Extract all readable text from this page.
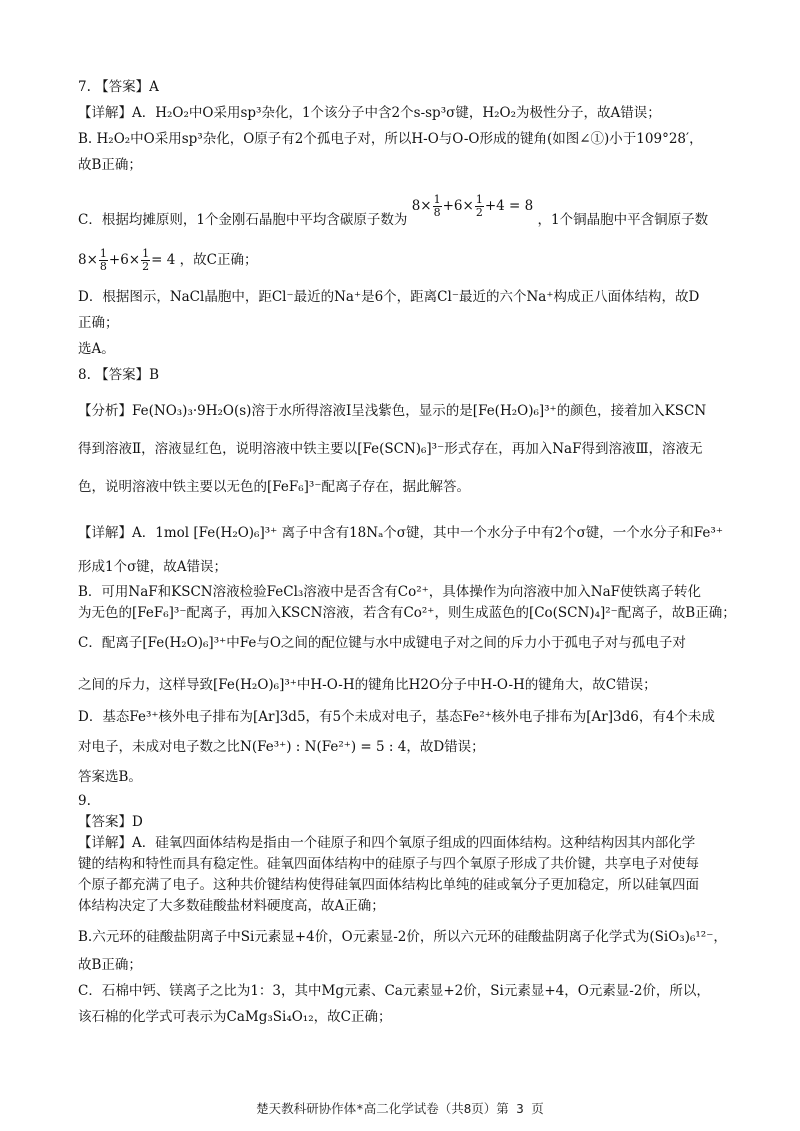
7. 【答案】A
【详解】A．H₂O₂中O采用sp³杂化，1个该分子中含2个s-sp³σ键，H₂O₂为极性分子，故A错误；
B. H₂O₂中O采用sp³杂化，O原子有2个孤电子对，所以H-O与O-O形成的键角(如图∠①)小于109°28′，
故B正确；
C．根据均摊原则，1个金刚石晶胞中平均含碳原子数为 $8\times \frac{1}{8} +6\times \frac{1}{2} +4 = 8$ ，1个铜晶胞中平含铜原子数
$8\times \frac{1}{8} +6\times \frac{1}{2} = 4$ ，故C正确；
D．根据图示，NaCl晶胞中，距Cl⁻最近的Na⁺是6个，距离Cl⁻最近的六个Na⁺构成正八面体结构，故D
正确；
选A。
8. 【答案】B
【分析】Fe(NO₃)₃·9H₂O(s)溶于水所得溶液Ⅰ呈浅紫色，显示的是[Fe(H₂O)₆]³⁺的颜色，接着加入KSCN
得到溶液Ⅱ，溶液显红色，说明溶液中铁主要以[Fe(SCN)₆]³⁻形式存在，再加入NaF得到溶液Ⅲ，溶液无
色，说明溶液中铁主要以无色的[FeF₆]³⁻配离子存在，据此解答。
【详解】A．1mol [Fe(H₂O)₆]³⁺ 离子中含有18Nₐ个σ键，其中一个水分子中有2个σ键，一个水分子和Fe³⁺
形成1个σ键，故A错误；
B．可用NaF和KSCN溶液检验FeCl₃溶液中是否含有Co²⁺，具体操作为向溶液中加入NaF使铁离子转化
为无色的[FeF₆]³⁻配离子，再加入KSCN溶液，若含有Co²⁺，则生成蓝色的[Co(SCN)₄]²⁻配离子，故B正确；
C．配离子[Fe(H₂O)₆]³⁺中Fe与O之间的配位键与水中成键电子对之间的斥力小于孤电子对与孤电子对
之间的斥力，这样导致[Fe(H₂O)₆]³⁺中H-O-H的键角比H2O分子中H-O-H的键角大，故C错误；
D．基态Fe³⁺核外电子排布为[Ar]3d5，有5个未成对电子，基态Fe²⁺核外电子排布为[Ar]3d6，有4个未成
对电子，未成对电子数之比N(Fe³⁺) : N(Fe²⁺) = 5 : 4，故D错误；
答案选B。
9.
【答案】D
【详解】A．硅氧四面体结构是指由一个硅原子和四个氧原子组成的四面体结构。这种结构因其内部化学
键的结构和特性而具有稳定性。硅氧四面体结构中的硅原子与四个氧原子形成了共价键，共享电子对使每
个原子都充满了电子。这种共价键结构使得硅氧四面体结构比单纯的硅或氧分子更加稳定，所以硅氧四面
体结构决定了大多数硅酸盐材料硬度高，故A正确；
B.六元环的硅酸盐阴离子中Si元素显+4价，O元素显-2价，所以六元环的硅酸盐阴离子化学式为(SiO₃)₆¹²⁻，
故B正确；
C．石棉中钙、镁离子之比为1：3，其中Mg元素、Ca元素显+2价，Si元素显+4，O元素显-2价，所以，
该石棉的化学式可表示为CaMg₃Si₄O₁₂，故C正确；
楚天教科研协作体*高二化学试卷（共8页）第 3 页
